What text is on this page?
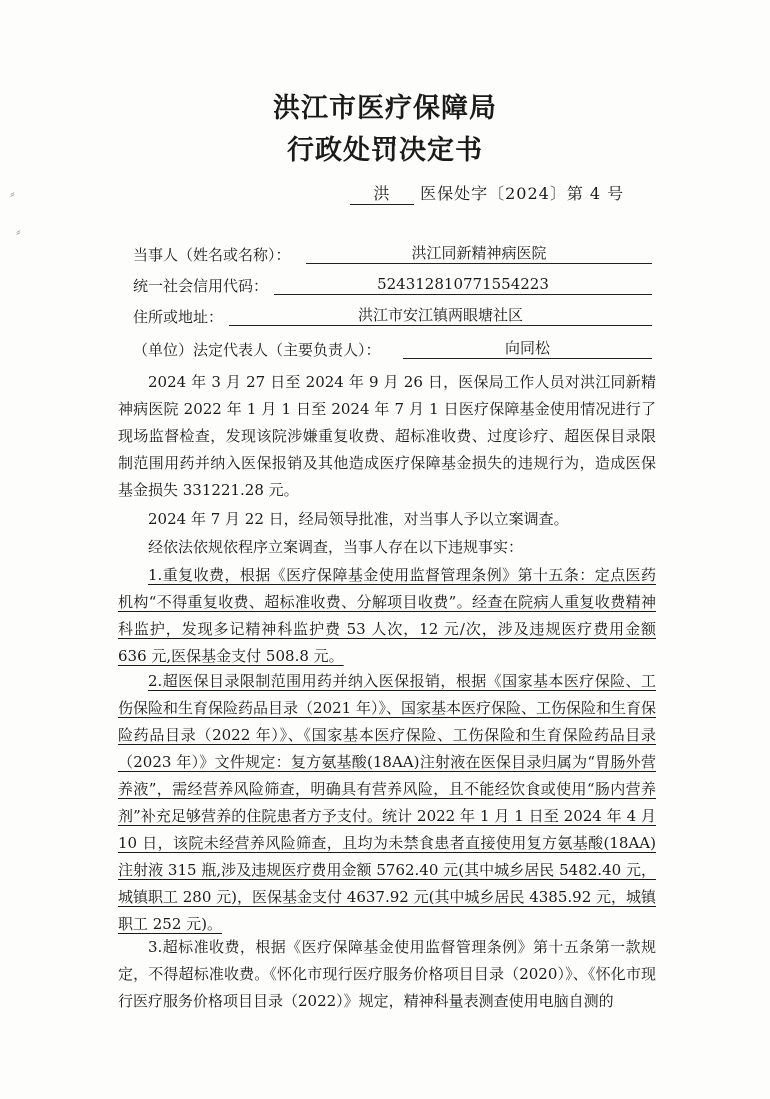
⸗
⸗
洪江市医疗保障局
行政处罚决定书
洪 医保处字〔2024〕第 4 号
当事人（姓名或名称）：	洪江同新精神病医院
统一社会信用代码：	524312810771554223
住所或地址：	洪江市安江镇两眼塘社区
（单位）法定代表人（主要负责人）：	向同松
2024 年 3 月 27 日至 2024 年 9 月 26 日，医保局工作人员对洪江同新精神病医院 2022 年 1 月 1 日至 2024 年 7 月 1 日医疗保障基金使用情况进行了现场监督检查，发现该院涉嫌重复收费、超标准收费、过度诊疗、超医保目录限制范围用药并纳入医保报销及其他造成医疗保障基金损失的违规行为，造成医保基金损失 331221.28 元。
2024 年 7 月 22 日，经局领导批准，对当事人予以立案调查。
经依法依规依程序立案调查，当事人存在以下违规事实：
1.重复收费，根据《医疗保障基金使用监督管理条例》第十五条：定点医药机构“不得重复收费、超标准收费、分解项目收费”。经查在院病人重复收费精神科监护，发现多记精神科监护费 53 人次，12 元/次，涉及违规医疗费用金额 636 元,医保基金支付 508.8 元。
2.超医保目录限制范围用药并纳入医保报销，根据《国家基本医疗保险、工伤保险和生育保险药品目录（2021 年）》、国家基本医疗保险、工伤保险和生育保险药品目录（2022 年）》、《国家基本医疗保险、工伤保险和生育保险药品目录（2023 年）》文件规定：复方氨基酸(18AA)注射液在医保目录归属为“胃肠外营养液”，需经营养风险筛查，明确具有营养风险，且不能经饮食或使用“肠内营养剂”补充足够营养的住院患者方予支付。统计 2022 年 1 月 1 日至 2024 年 4 月 10 日，该院未经营养风险筛查，且均为未禁食患者直接使用复方氨基酸(18AA)注射液 315 瓶,涉及违规医疗费用金额 5762.40 元(其中城乡居民 5482.40 元，城镇职工 280 元)，医保基金支付 4637.92 元(其中城乡居民 4385.92 元，城镇职工 252 元)。
3.超标准收费，根据《医疗保障基金使用监督管理条例》第十五条第一款规定，不得超标准收费。《怀化市现行医疗服务价格项目目录（2020）》、《怀化市现行医疗服务价格项目目录（2022）》规定，精神科量表测查使用电脑自测的
